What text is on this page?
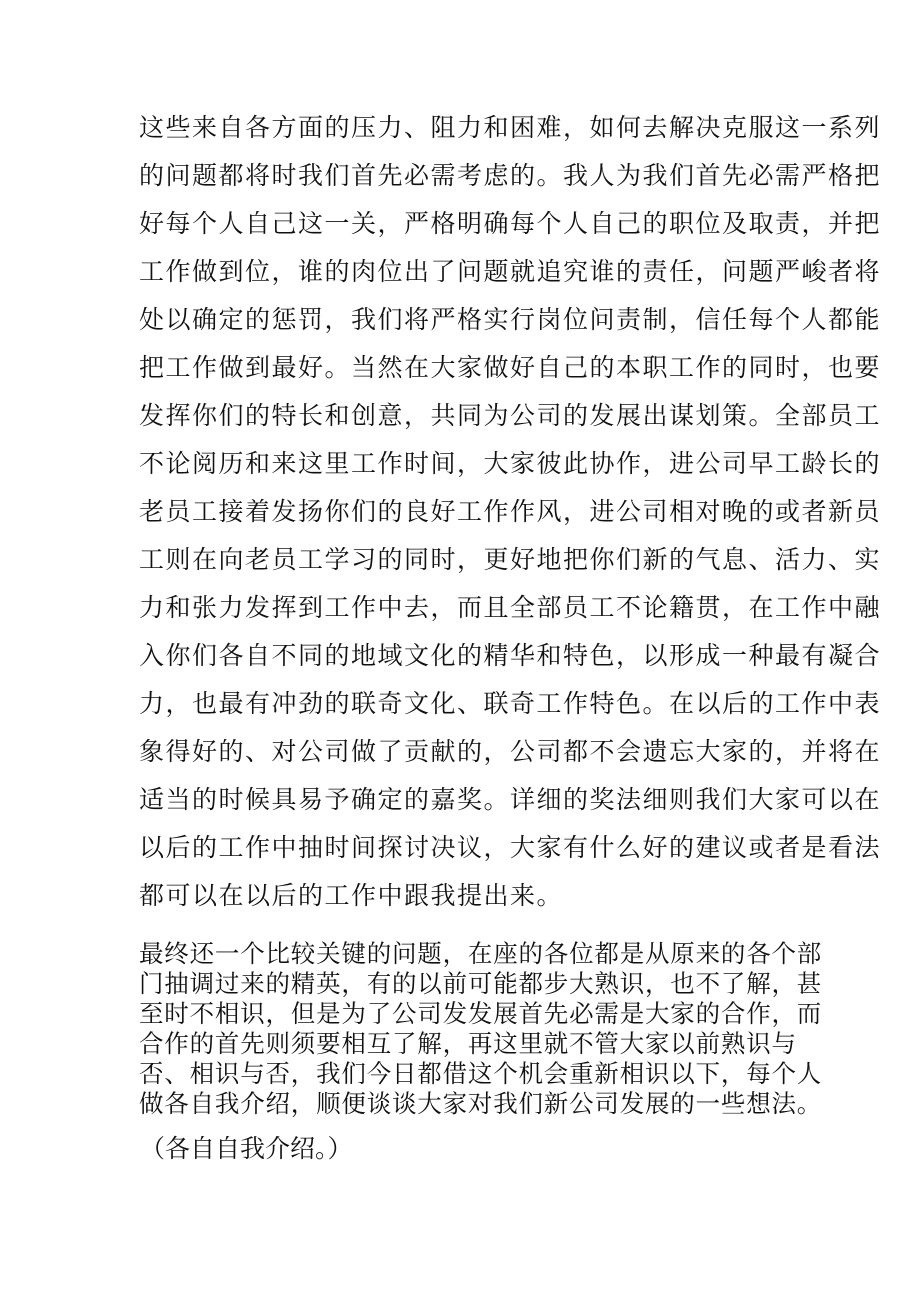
这些来自各方面的压力、阻力和困难，如何去解决克服这一系列
的问题都将时我们首先必需考虑的。我人为我们首先必需严格把
好每个人自己这一关，严格明确每个人自己的职位及取责，并把
工作做到位，谁的肉位出了问题就追究谁的责任，问题严峻者将
处以确定的惩罚，我们将严格实行岗位问责制，信任每个人都能
把工作做到最好。当然在大家做好自己的本职工作的同时，也要
发挥你们的特长和创意，共同为公司的发展出谋划策。全部员工
不论阅历和来这里工作时间，大家彼此协作，进公司早工龄长的
老员工接着发扬你们的良好工作作风，进公司相对晚的或者新员
工则在向老员工学习的同时，更好地把你们新的气息、活力、实
力和张力发挥到工作中去，而且全部员工不论籍贯，在工作中融
入你们各自不同的地域文化的精华和特色，以形成一种最有凝合
力，也最有冲劲的联奇文化、联奇工作特色。在以后的工作中表
象得好的、对公司做了贡献的，公司都不会遗忘大家的，并将在
适当的时候具易予确定的嘉奖。详细的奖法细则我们大家可以在
以后的工作中抽时间探讨决议，大家有什么好的建议或者是看法
都可以在以后的工作中跟我提出来。
最终还一个比较关键的问题，在座的各位都是从原来的各个部
门抽调过来的精英，有的以前可能都步大熟识，也不了解，甚
至时不相识，但是为了公司发发展首先必需是大家的合作，而
合作的首先则须要相互了解，再这里就不管大家以前熟识与
否、相识与否，我们今日都借这个机会重新相识以下，每个人
做各自我介绍，顺便谈谈大家对我们新公司发展的一些想法。
（各自自我介绍。）
